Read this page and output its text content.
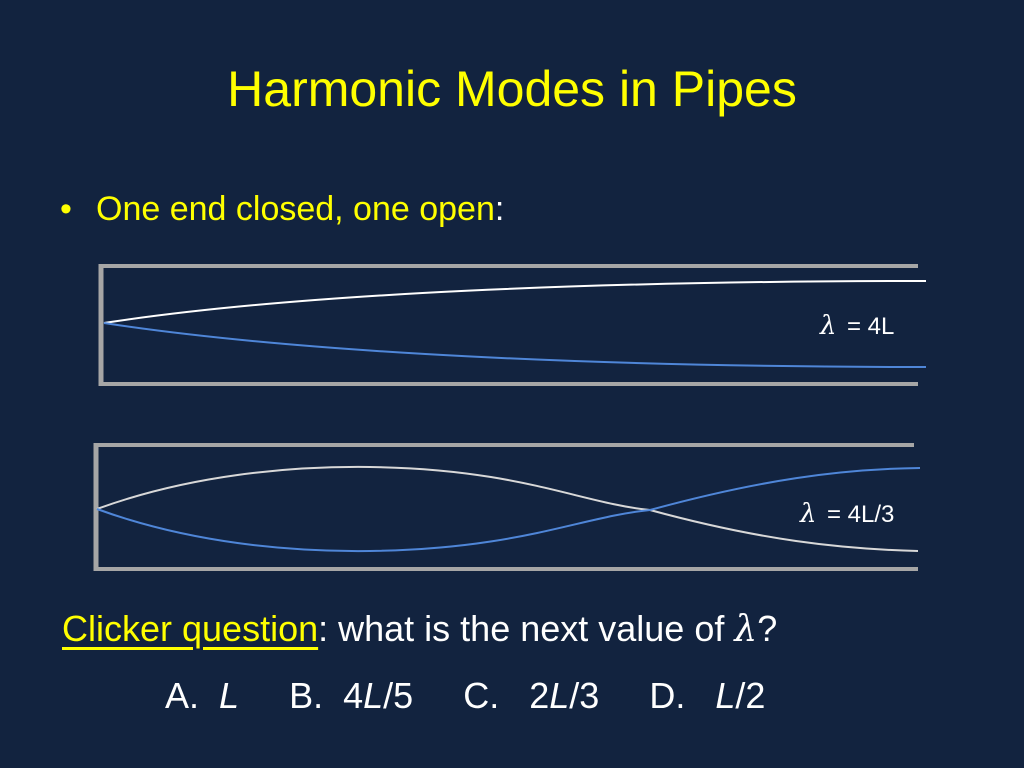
Harmonic Modes in Pipes
• One end closed, one open:
λ = 4L
λ = 4L/3
Clicker question: what is the next value of λ?
A. L B. 4L/5 C. 2L/3 D. L/2
